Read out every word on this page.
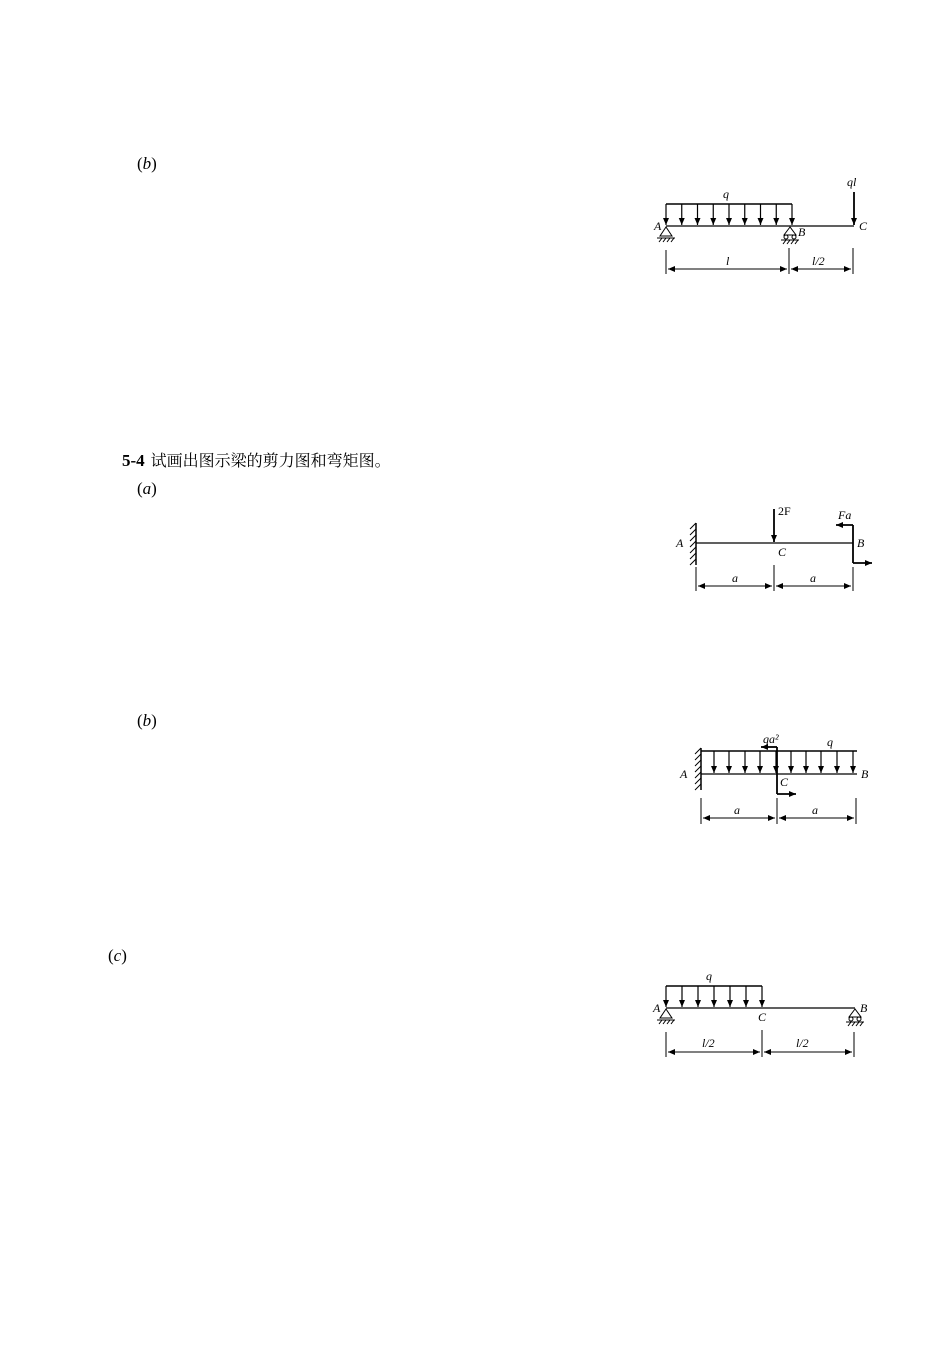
(b)
q
ql
A	B	C
l	l/2
5-4 试画出图示梁的剪力图和弯矩图。
(a)
2F	Fa
A	B
C
a	a
(b)
qa²	q
A	B
C
a	a
(c)
q
A	B
C
l/2	l/2
